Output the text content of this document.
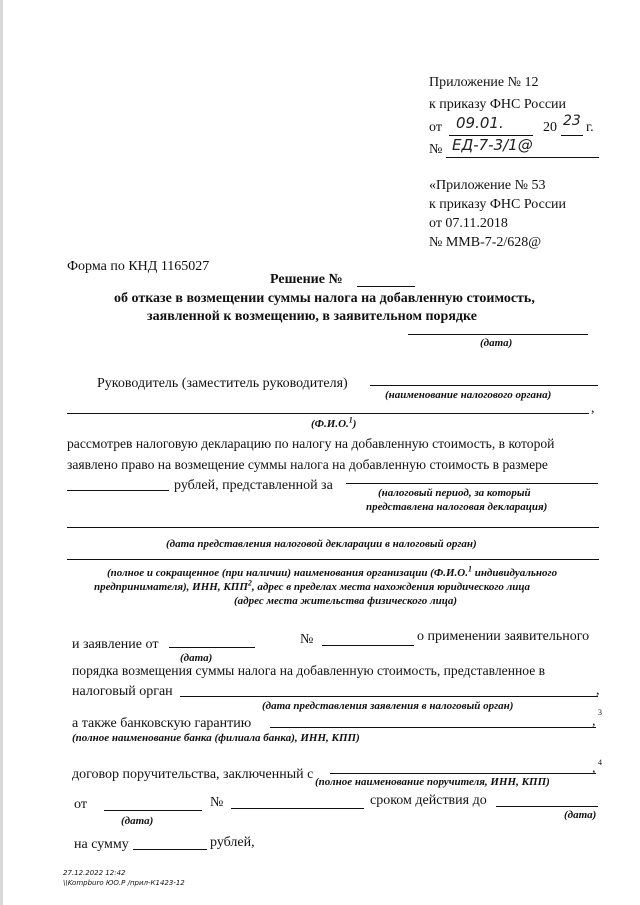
Приложение № 12
к приказу ФНС России
от 09.01.	20 23 г.
№ ЕД-7-3/1@
«Приложение № 53
к приказу ФНС России
от 07.11.2018
№ ММВ-7-2/628@
Форма по КНД 1165027
Решение №
об отказе в возмещении суммы налога на добавленную стоимость,
заявленной к возмещению, в заявительном порядке
(дата)
Руководитель (заместитель руководителя)
(наименование налогового органа)
,
(Ф.И.О.$^1$)
рассмотрев налоговую декларацию по налогу на добавленную стоимость, в которой
заявлено право на возмещение суммы налога на добавленную стоимость в размере
рублей, представленной за	(налоговый период, за который
представлена налоговая декларация)
(дата представления налоговой декларации в налоговый орган)
(полное и сокращенное (при наличии) наименования организации (Ф.И.О.$^1$ индивидуального
предпринимателя), ИНН, КПП$^2$, адрес в пределах места нахождения юридического лица
(адрес места жительства физического лица)
и заявление от	№	о применении заявительного
(дата)
порядка возмещения суммы налога на добавленную стоимость, представленное в
налоговый орган	,
(дата представления заявления в налоговый орган)
а также банковскую гарантию	,
3
(полное наименование банка (филиала банка), ИНН, КПП)
договор поручительства, заключенный с	, 4
(полное наименование поручителя, ИНН, КПП)
от	№	сроком действия до
(дата)	(дата)
на сумму	рублей,
27.12.2022 12:42
\\Kompburo ЮО.Р /прил-К1423-12
